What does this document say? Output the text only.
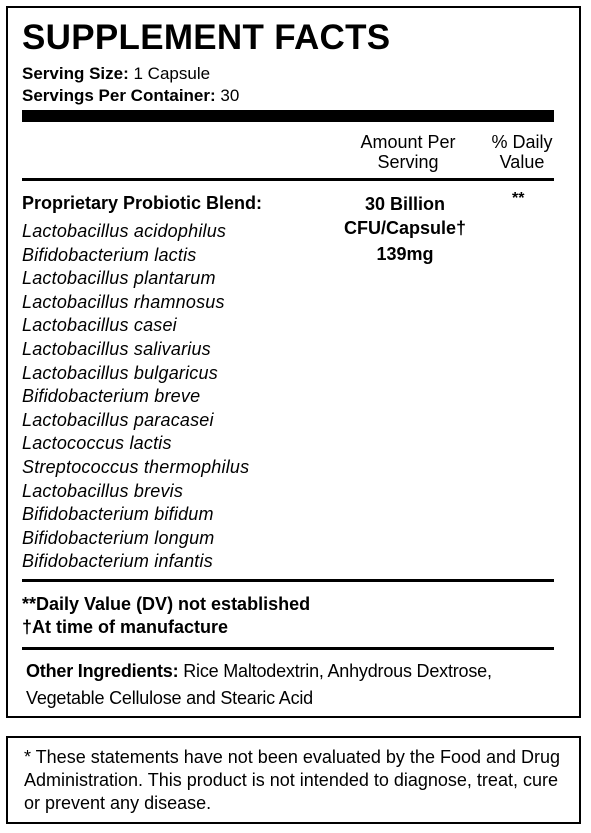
SUPPLEMENT FACTS
Serving Size: 1 Capsule
Servings Per Container: 30
Amount Per
Serving
% Daily
Value
Proprietary Probiotic Blend:
Lactobacillus acidophilus
Bifidobacterium lactis
Lactobacillus plantarum
Lactobacillus rhamnosus
Lactobacillus casei
Lactobacillus salivarius
Lactobacillus bulgaricus
Bifidobacterium breve
Lactobacillus paracasei
Lactococcus lactis
Streptococcus thermophilus
Lactobacillus brevis
Bifidobacterium bifidum
Bifidobacterium longum
Bifidobacterium infantis
30 Billion
CFU/Capsule†
139mg
**
**Daily Value (DV) not established
†At time of manufacture
Other Ingredients: Rice Maltodextrin, Anhydrous Dextrose, Vegetable Cellulose and Stearic Acid
* These statements have not been evaluated by the Food and Drug Administration. This product is not intended to diagnose, treat, cure or prevent any disease.
